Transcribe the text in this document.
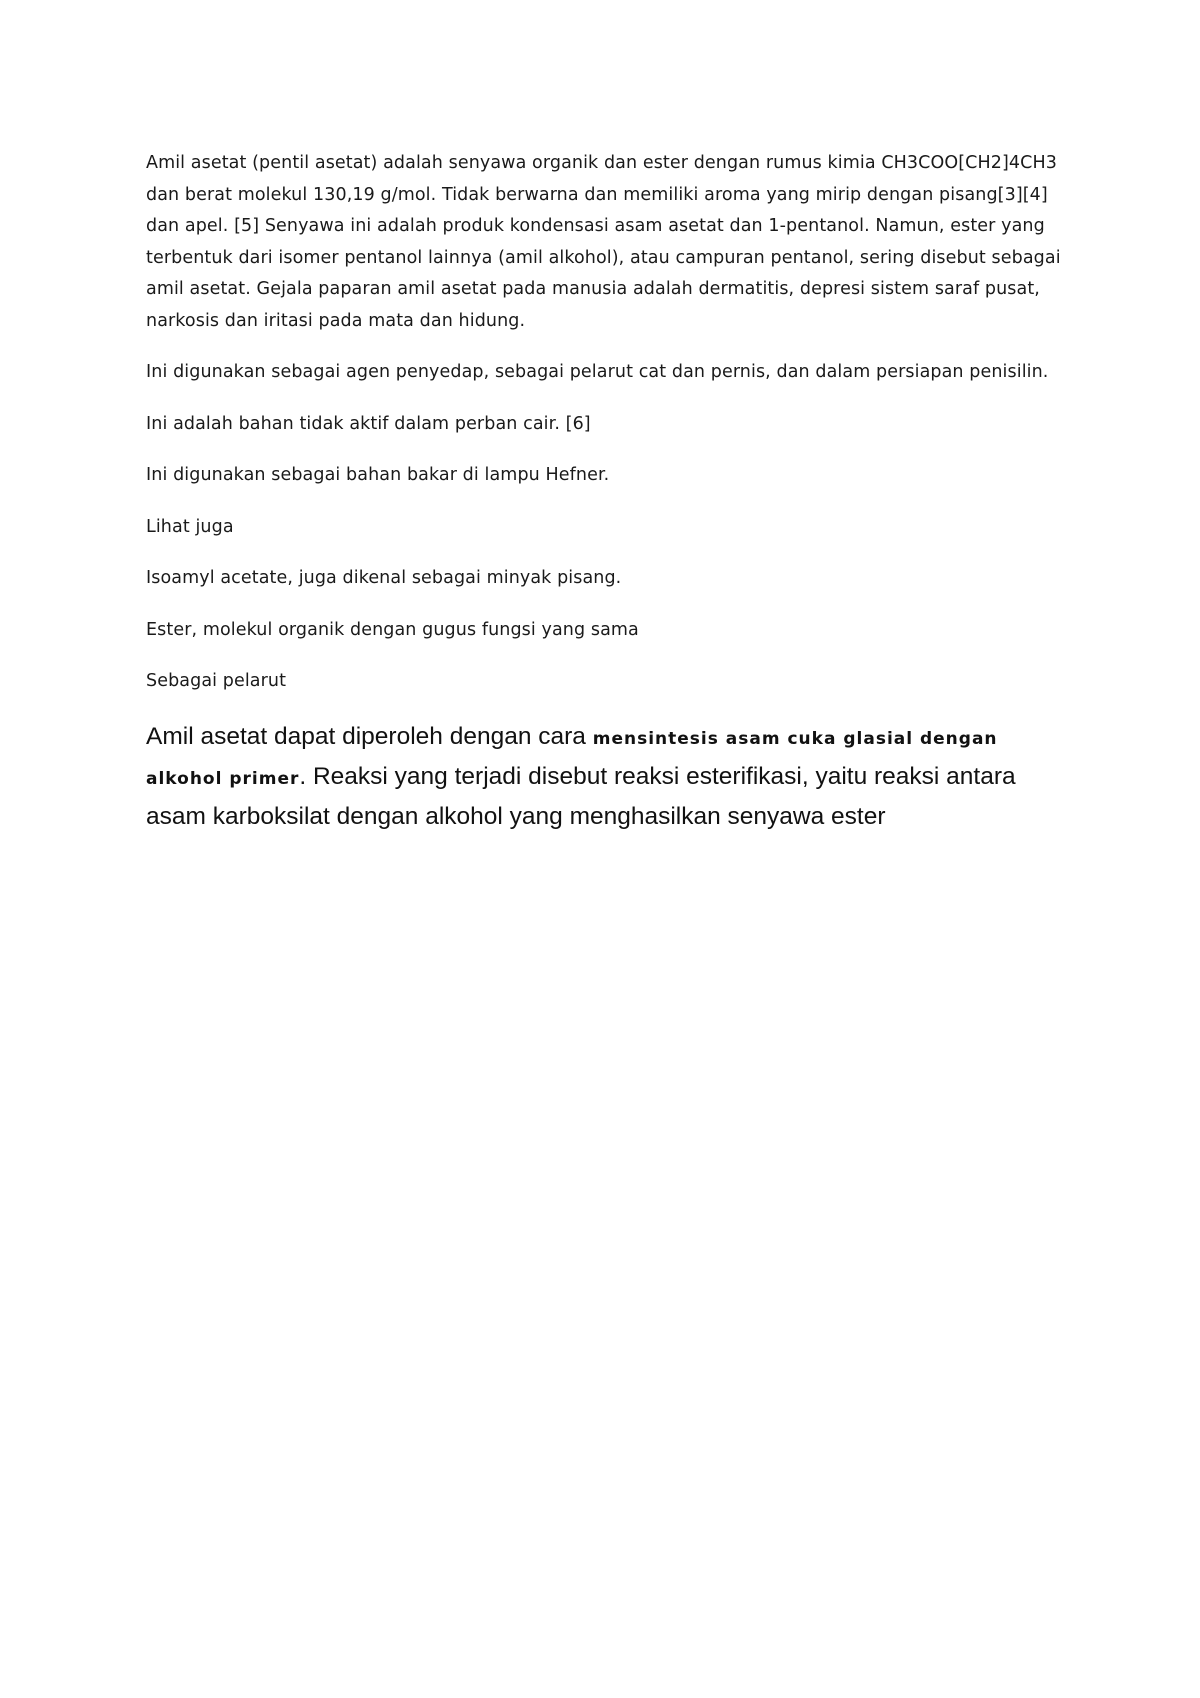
Amil asetat (pentil asetat) adalah senyawa organik dan ester dengan rumus kimia CH3COO[CH2]4CH3 dan berat molekul 130,19 g/mol. Tidak berwarna dan memiliki aroma yang mirip dengan pisang[3][4] dan apel. [5] Senyawa ini adalah produk kondensasi asam asetat dan 1-pentanol. Namun, ester yang terbentuk dari isomer pentanol lainnya (amil alkohol), atau campuran pentanol, sering disebut sebagai amil asetat. Gejala paparan amil asetat pada manusia adalah dermatitis, depresi sistem saraf pusat, narkosis dan iritasi pada mata dan hidung.

Ini digunakan sebagai agen penyedap, sebagai pelarut cat dan pernis, dan dalam persiapan penisilin.

Ini adalah bahan tidak aktif dalam perban cair. [6]

Ini digunakan sebagai bahan bakar di lampu Hefner.

Lihat juga

Isoamyl acetate, juga dikenal sebagai minyak pisang.

Ester, molekul organik dengan gugus fungsi yang sama

Sebagai pelarut

Amil asetat dapat diperoleh dengan cara mensintesis asam cuka glasial dengan alkohol primer. Reaksi yang terjadi disebut reaksi esterifikasi, yaitu reaksi antara asam karboksilat dengan alkohol yang menghasilkan senyawa ester
